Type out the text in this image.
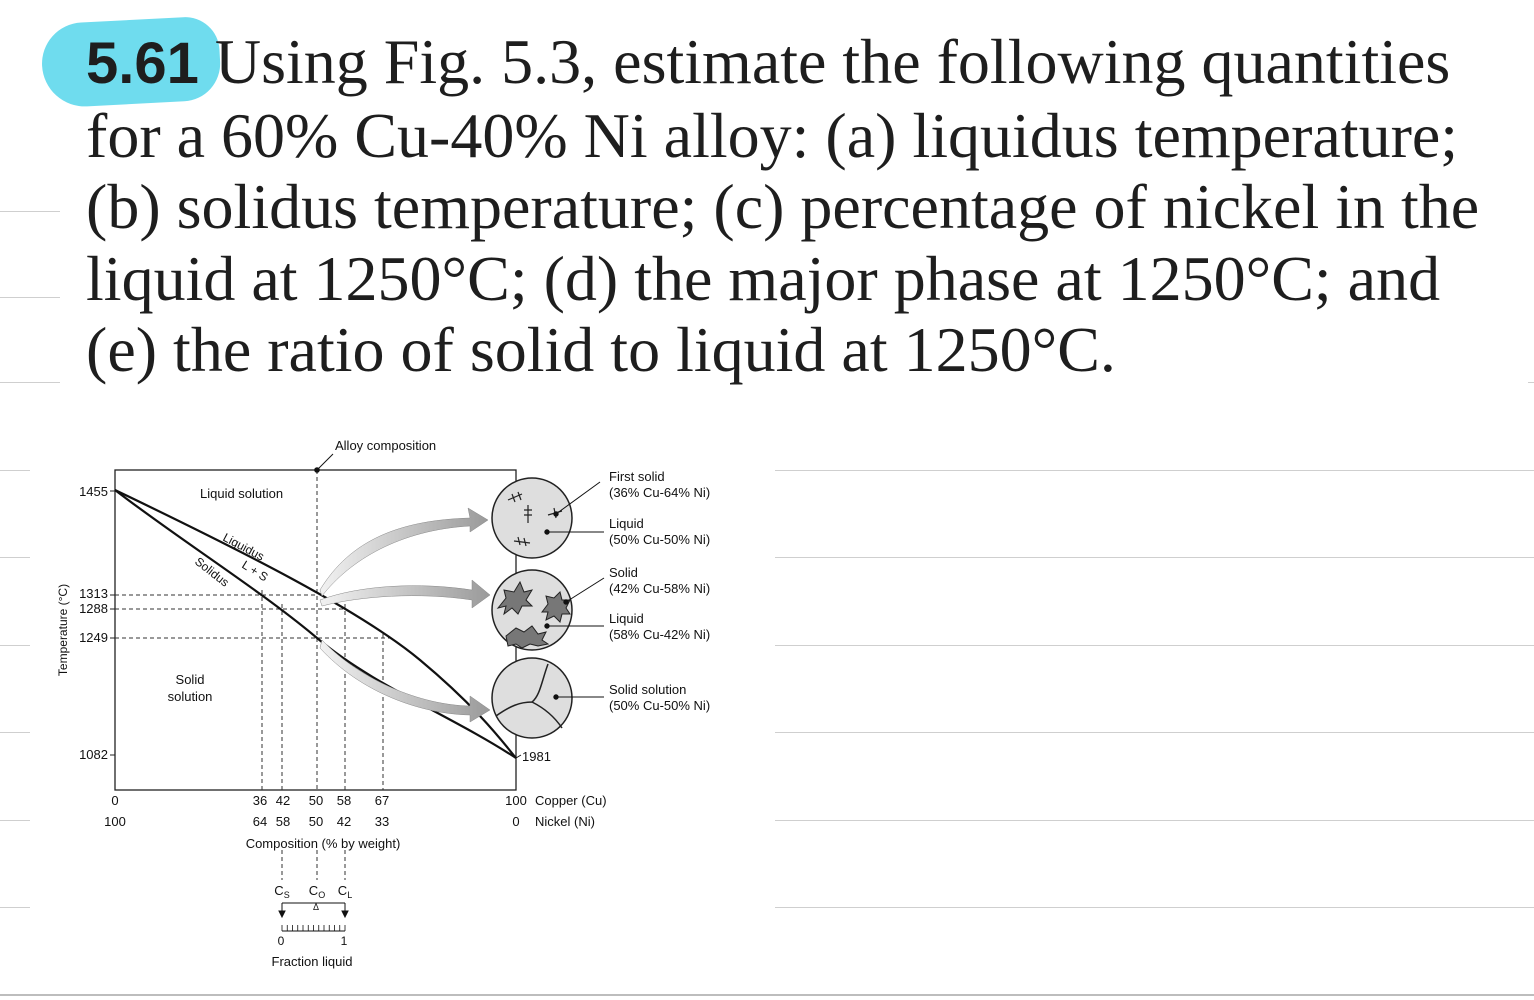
5.61 Using Fig. 5.3, estimate the following quantities
for a 60% Cu-40% Ni alloy: (a) liquidus temperature;
(b) solidus temperature; (c) percentage of nickel in the
liquid at 1250°C; (d) the major phase at 1250°C; and
(e) the ratio of solid to liquid at 1250°C.
1455
1313
1288
1249
1082
Temperature (°C)
Alloy composition
Liquid solution
Liquidus
Solidus L + S
Solid
solution
First solid
(36% Cu-64% Ni)
Liquid
(50% Cu-50% Ni)
Solid
(42% Cu-58% Ni)
Liquid
(58% Cu-42% Ni)
Solid solution
(50% Cu-50% Ni)
1981
0	36 42 50 58 67	100 Copper (Cu)
100	64 58 50 42 33	0 Nickel (Ni)
Composition (% by weight)
$C_S$ $C_O$ $C_L$
Δ
0	1
Fraction liquid
